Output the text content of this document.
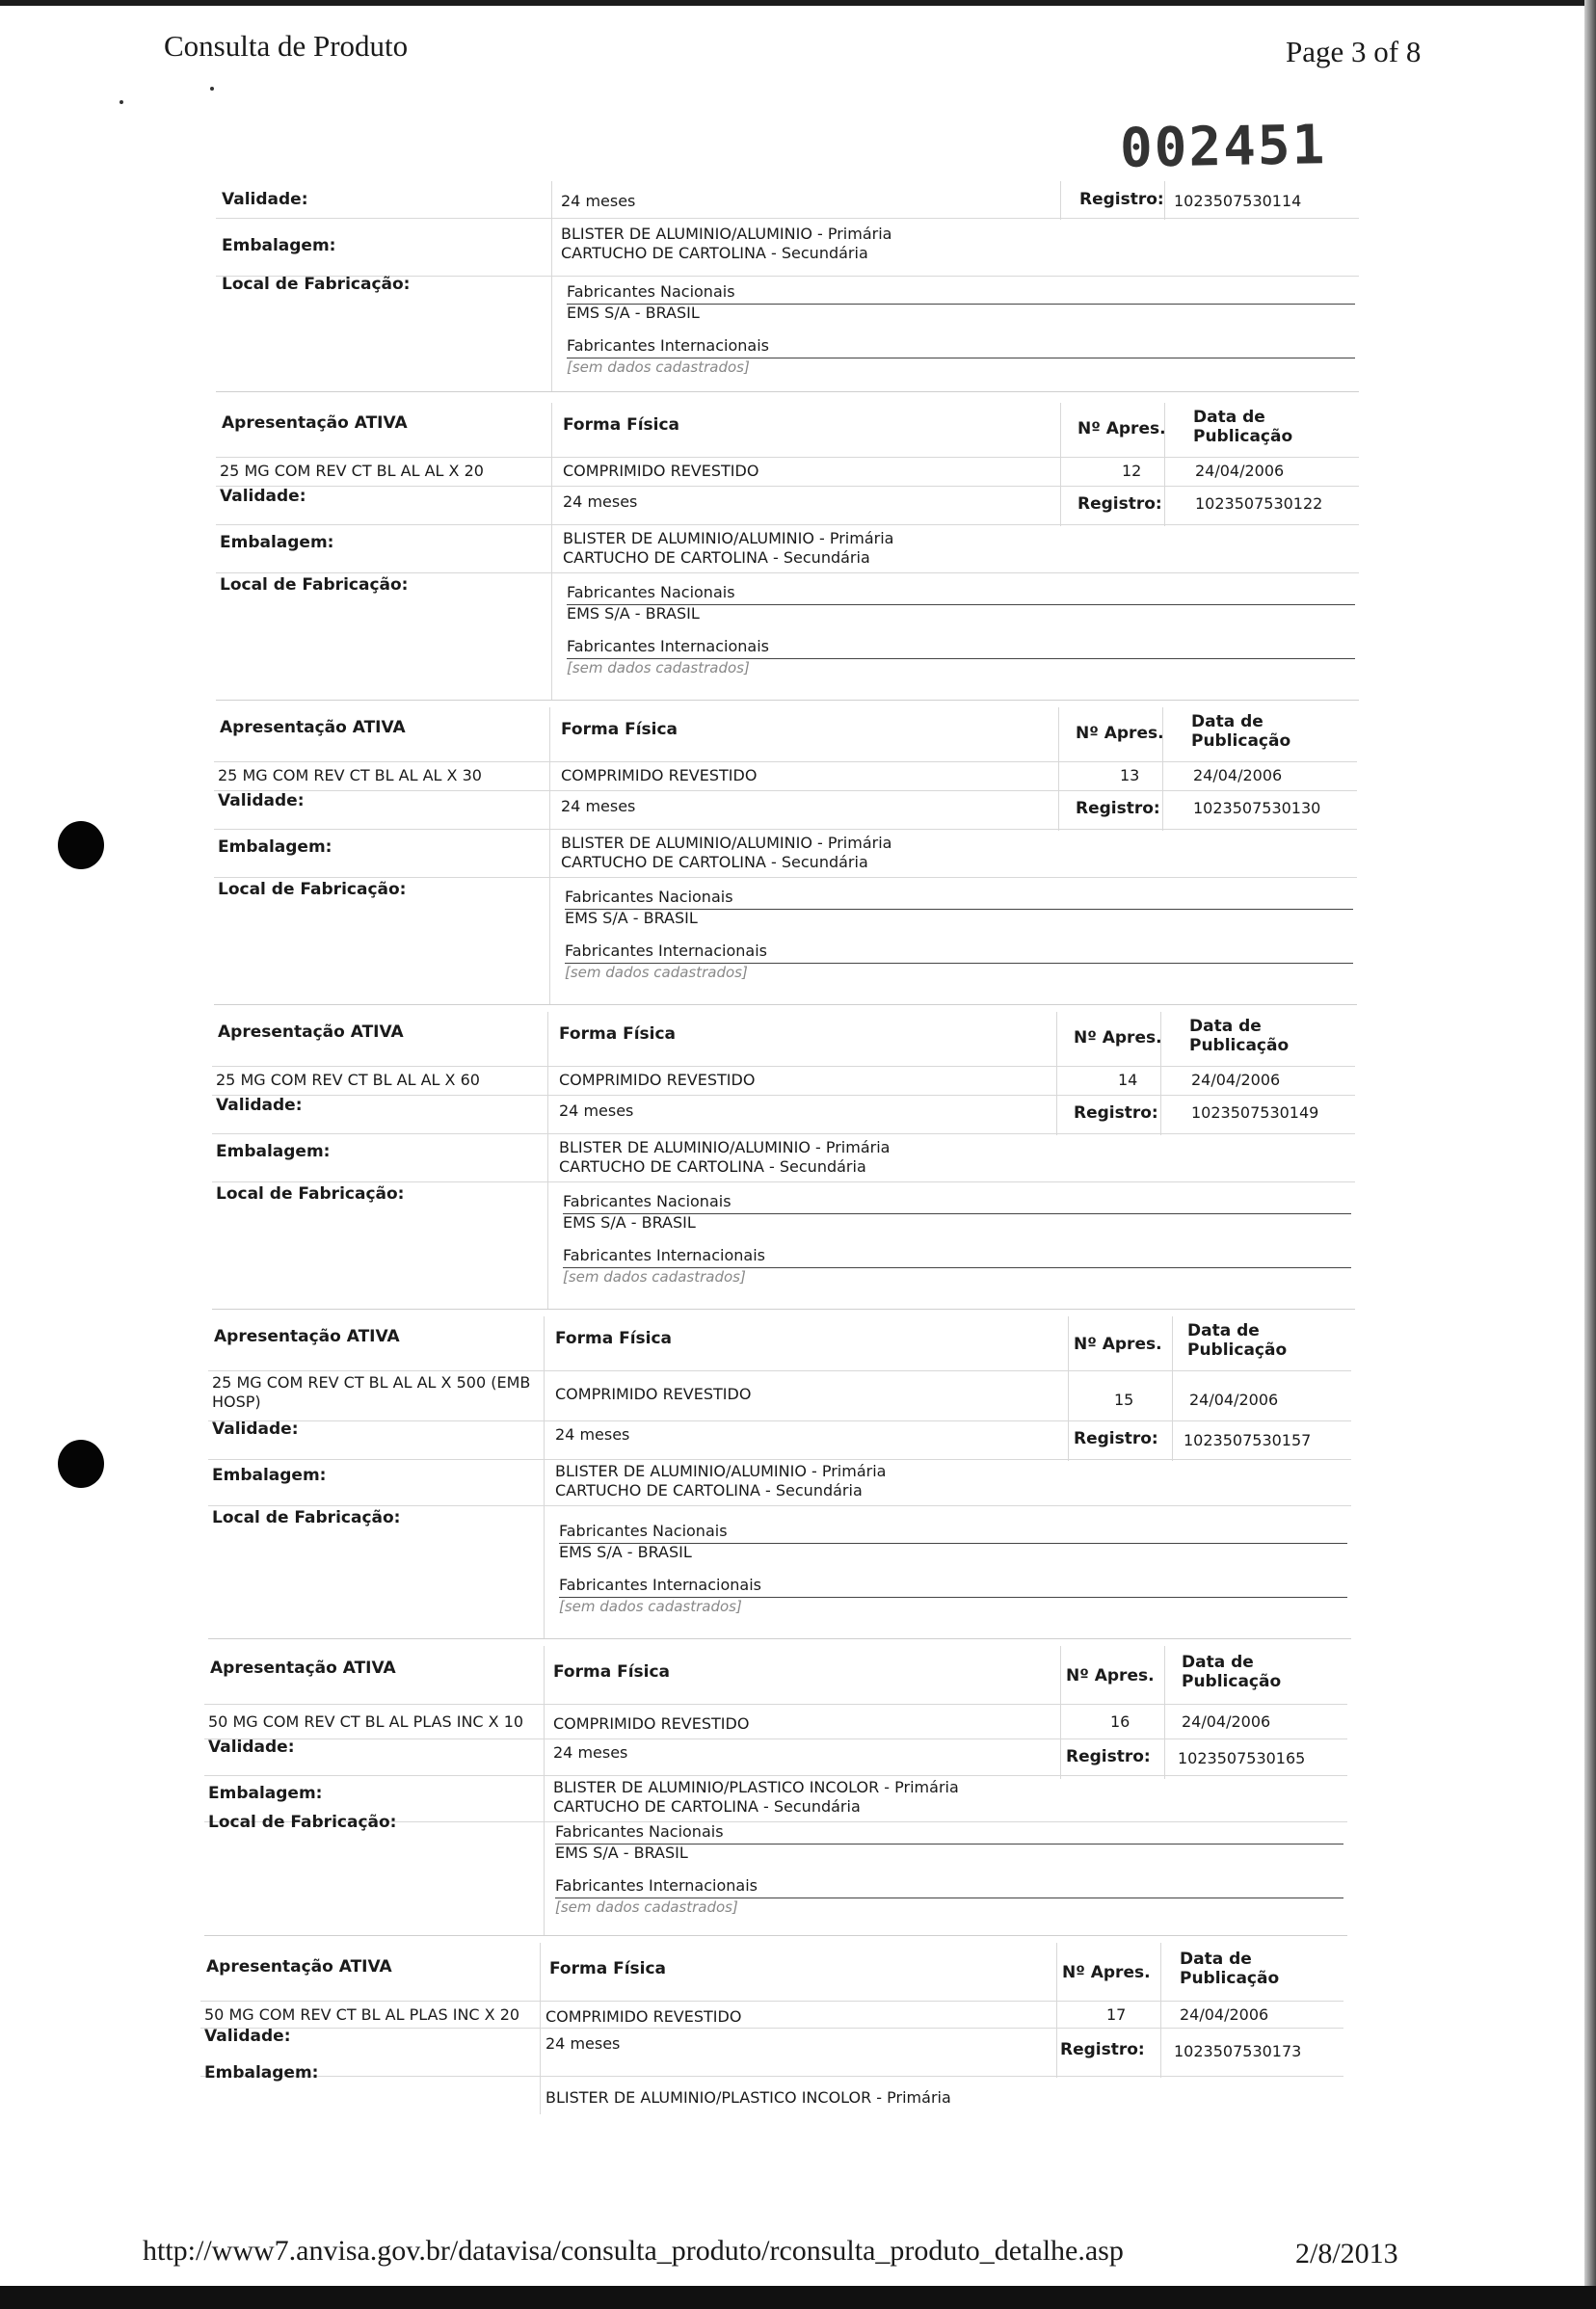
Consulta de Produto	Page 3 of 8
002451
Validade:	24 meses	Registro: 1023507530114
Embalagem:
BLISTER DE ALUMINIO/ALUMINIO - Primária
CARTUCHO DE CARTOLINA - Secundária
Local de Fabricação:	Fabricantes Nacionais
EMS S/A - BRASIL
Fabricantes Internacionais
[sem dados cadastrados]
Apresentação ATIVA	Forma Física	Nº Apres.
Data de
Publicação
25 MG COM REV CT BL AL AL X 20	COMPRIMIDO REVESTIDO	12	24/04/2006
Validade:	24 meses	Registro: 1023507530122
Embalagem:	BLISTER DE ALUMINIO/ALUMINIO - Primária
CARTUCHO DE CARTOLINA - Secundária
Local de Fabricação:	Fabricantes Nacionais
EMS S/A - BRASIL
Fabricantes Internacionais
[sem dados cadastrados]
Apresentação ATIVA	Forma Física	Nº Apres.
Data de
Publicação
25 MG COM REV CT BL AL AL X 30	COMPRIMIDO REVESTIDO	13	24/04/2006
Validade:	24 meses	Registro: 1023507530130
Embalagem:	BLISTER DE ALUMINIO/ALUMINIO - Primária
CARTUCHO DE CARTOLINA - Secundária
Local de Fabricação:	Fabricantes Nacionais
EMS S/A - BRASIL
Fabricantes Internacionais
[sem dados cadastrados]
Apresentação ATIVA	Forma Física	Nº Apres.
Data de
Publicação
25 MG COM REV CT BL AL AL X 60	COMPRIMIDO REVESTIDO	14	24/04/2006
Validade:	24 meses	Registro: 1023507530149
Embalagem:	BLISTER DE ALUMINIO/ALUMINIO - Primária
CARTUCHO DE CARTOLINA - Secundária
Local de Fabricação:	Fabricantes Nacionais
EMS S/A - BRASIL
Fabricantes Internacionais
[sem dados cadastrados]
Apresentação ATIVA	Forma Física	Nº Apres.
Data de
Publicação
25 MG COM REV CT BL AL AL X 500 (EMB
HOSP)	COMPRIMIDO REVESTIDO	15	24/04/2006
Validade:	24 meses	Registro: 1023507530157
Embalagem:	BLISTER DE ALUMINIO/ALUMINIO - Primária
CARTUCHO DE CARTOLINA - Secundária
Local de Fabricação:
Fabricantes Nacionais
EMS S/A - BRASIL
Fabricantes Internacionais
[sem dados cadastrados]
Apresentação ATIVA	Forma Física	Nº Apres.
Data de
Publicação
50 MG COM REV CT BL AL PLAS INC X 10 COMPRIMIDO REVESTIDO	16	24/04/2006
Validade:	24 meses	Registro: 1023507530165
Embalagem:	BLISTER DE ALUMINIO/PLASTICO INCOLOR - Primária
CARTUCHO DE CARTOLINA - Secundária
Local de Fabricação:	Fabricantes Nacionais
EMS S/A - BRASIL
Fabricantes Internacionais
[sem dados cadastrados]
Apresentação ATIVA	Forma Física	Nº Apres.
Data de
Publicação
50 MG COM REV CT BL AL PLAS INC X 20 COMPRIMIDO REVESTIDO	17	24/04/2006
Validade:	24 meses	Registro: 1023507530173
Embalagem:
BLISTER DE ALUMINIO/PLASTICO INCOLOR - Primária
http://www7.anvisa.gov.br/datavisa/consulta_produto/rconsulta_produto_detalhe.asp	2/8/2013
